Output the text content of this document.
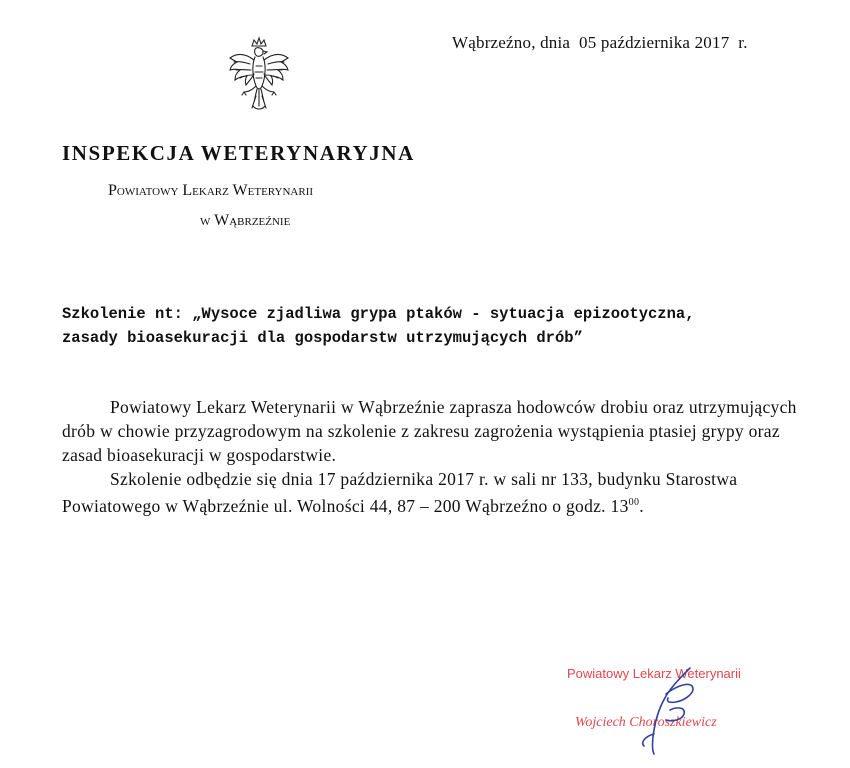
Wąbrzeźno, dnia  05 października 2017  r.
INSPEKCJA WETERYNARYJNA
Powiatowy Lekarz Weterynarii
w Wąbrzeźnie
Szkolenie nt: „Wysoce zjadliwa grypa ptaków - sytuacja epizootyczna,
zasady bioasekuracji dla gospodarstw utrzymujących drób”

Powiatowy Lekarz Weterynarii w Wąbrzeźnie zaprasza hodowców drobiu oraz utrzymujących drób w chowie przyzagrodowym na szkolenie z zakresu zagrożenia wystąpienia ptasiej grypy oraz zasad bioasekuracji w gospodarstwie.

Szkolenie odbędzie się dnia 17 października 2017 r. w sali nr 133, budynku Starostwa Powiatowego w Wąbrzeźnie ul. Wolności 44, 87 – 200 Wąbrzeźno o godz. $13^{00}$.

Powiatowy Lekarz Weterynarii
Wojciech Choroszkiewicz
